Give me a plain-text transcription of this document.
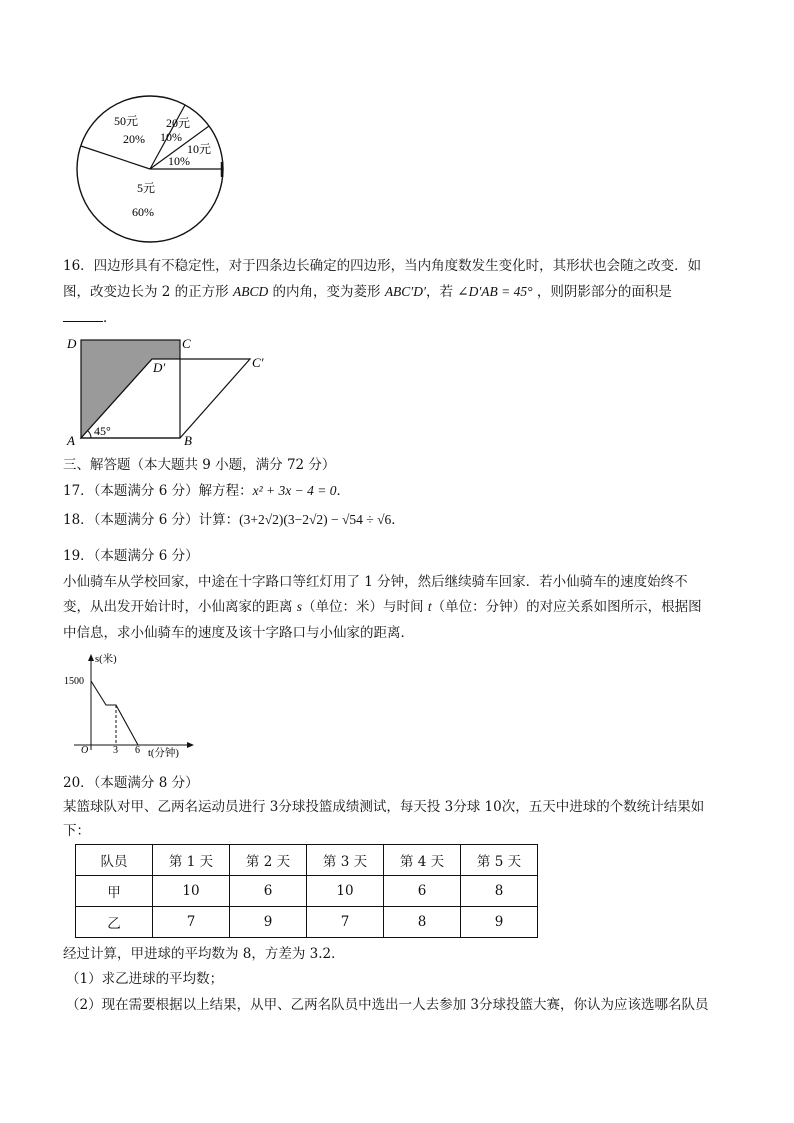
50元
20%
20元
10%
10元
10%
5元
60%
16．四边形具有不稳定性，对于四条边长确定的四边形，当内角度数发生变化时，其形状也会随之改变．如
图，改变边长为 2 的正方形 ABCD 的内角，变为菱形 ABC′D′，若 ∠D′AB = 45° ，则阴影部分的面积是
．
D	C
D′	C′
A	B
45°
三、解答题（本大题共 9 小题，满分 72 分）
17．（本题满分 6 分）解方程：x² + 3x − 4 = 0．
18．（本题满分 6 分）计算：(3+2√2)(3−2√2) − √54 ÷ √6．
19．（本题满分 6 分）
小仙骑车从学校回家，中途在十字路口等红灯用了 1 分钟，然后继续骑车回家．若小仙骑车的速度始终不
变，从出发开始计时，小仙离家的距离 s（单位：米）与时间 t（单位：分钟）的对应关系如图所示，根据图
中信息，求小仙骑车的速度及该十字路口与小仙家的距离．
s(米)
t(分钟)
1500
O 3 6
20．（本题满分 8 分）
某篮球队对甲、乙两名运动员进行 3分球投篮成绩测试，每天投 3分球 10次，五天中进球的个数统计结果如
下：
队员	第 1 天	第 2 天	第 3 天	第 4 天	第 5 天
甲	10	6	10	6	8
乙	7	9	7	8	9
经过计算，甲进球的平均数为 8，方差为 3.2．
（1）求乙进球的平均数；
（2）现在需要根据以上结果，从甲、乙两名队员中选出一人去参加 3分球投篮大赛，你认为应该选哪名队员
